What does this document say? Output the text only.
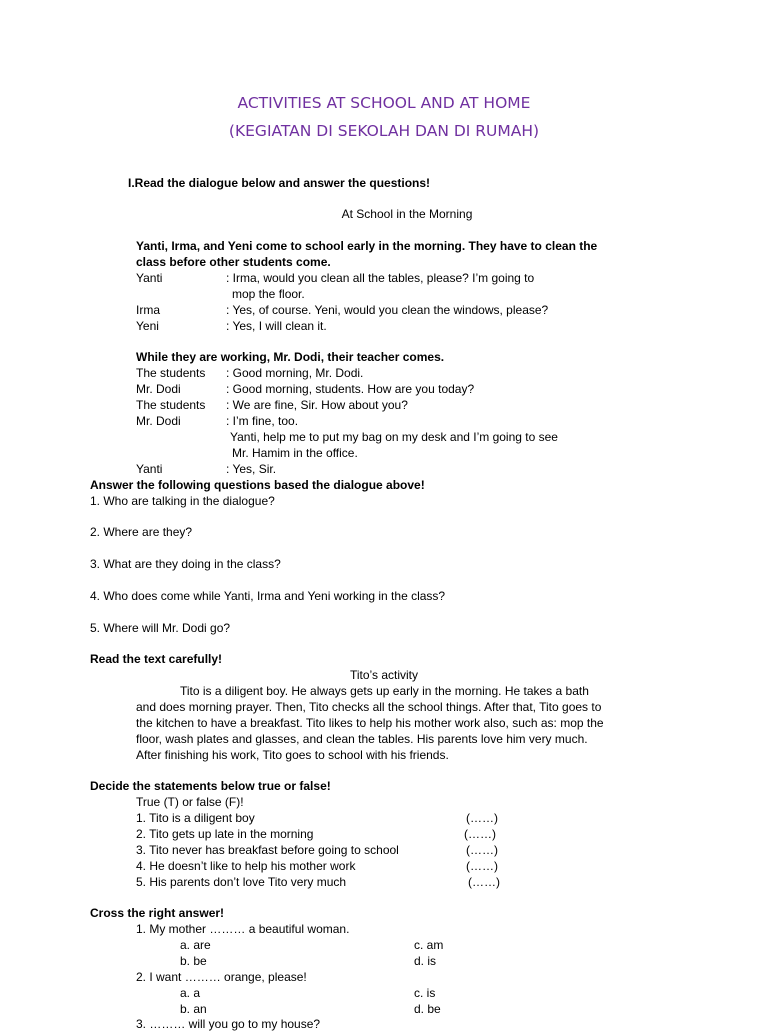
ACTIVITIES AT SCHOOL AND AT HOME
(KEGIATAN DI SEKOLAH DAN DI RUMAH)
I.Read the dialogue below and answer the questions!
At School in the Morning
Yanti, Irma, and Yeni come to school early in the morning. They have to clean the
class before other students come.
Yanti	: Irma, would you clean all the tables, please? I’m going to
mop the floor.
Irma	: Yes, of course. Yeni, would you clean the windows, please?
Yeni	: Yes, I will clean it.
While they are working, Mr. Dodi, their teacher comes.
The students : Good morning, Mr. Dodi.
Mr. Dodi	: Good morning, students. How are you today?
The students : We are fine, Sir. How about you?
Mr. Dodi	: I’m fine, too.
Yanti, help me to put my bag on my desk and I’m going to see
Mr. Hamim in the office.
Yanti	: Yes, Sir.
Answer the following questions based the dialogue above!
1. Who are talking in the dialogue?
2. Where are they?
3. What are they doing in the class?
4. Who does come while Yanti, Irma and Yeni working in the class?
5. Where will Mr. Dodi go?
Read the text carefully!
Tito’s activity
Tito is a diligent boy. He always gets up early in the morning. He takes a bath
and does morning prayer. Then, Tito checks all the school things. After that, Tito goes to
the kitchen to have a breakfast. Tito likes to help his mother work also, such as: mop the
floor, wash plates and glasses, and clean the tables. His parents love him very much.
After finishing his work, Tito goes to school with his friends.
Decide the statements below true or false!
True (T) or false (F)!
1. Tito is a diligent boy	(……)
2. Tito gets up late in the morning	(……)
3. Tito never has breakfast before going to school	(……)
4. He doesn’t like to help his mother work	(……)
5. His parents don’t love Tito very much	(……)
Cross the right answer!
1. My mother ……… a beautiful woman.
a. are	c. am
b. be	d. is
2. I want ……… orange, please!
a. a	c. is
b. an	d. be
3. ……… will you go to my house?
